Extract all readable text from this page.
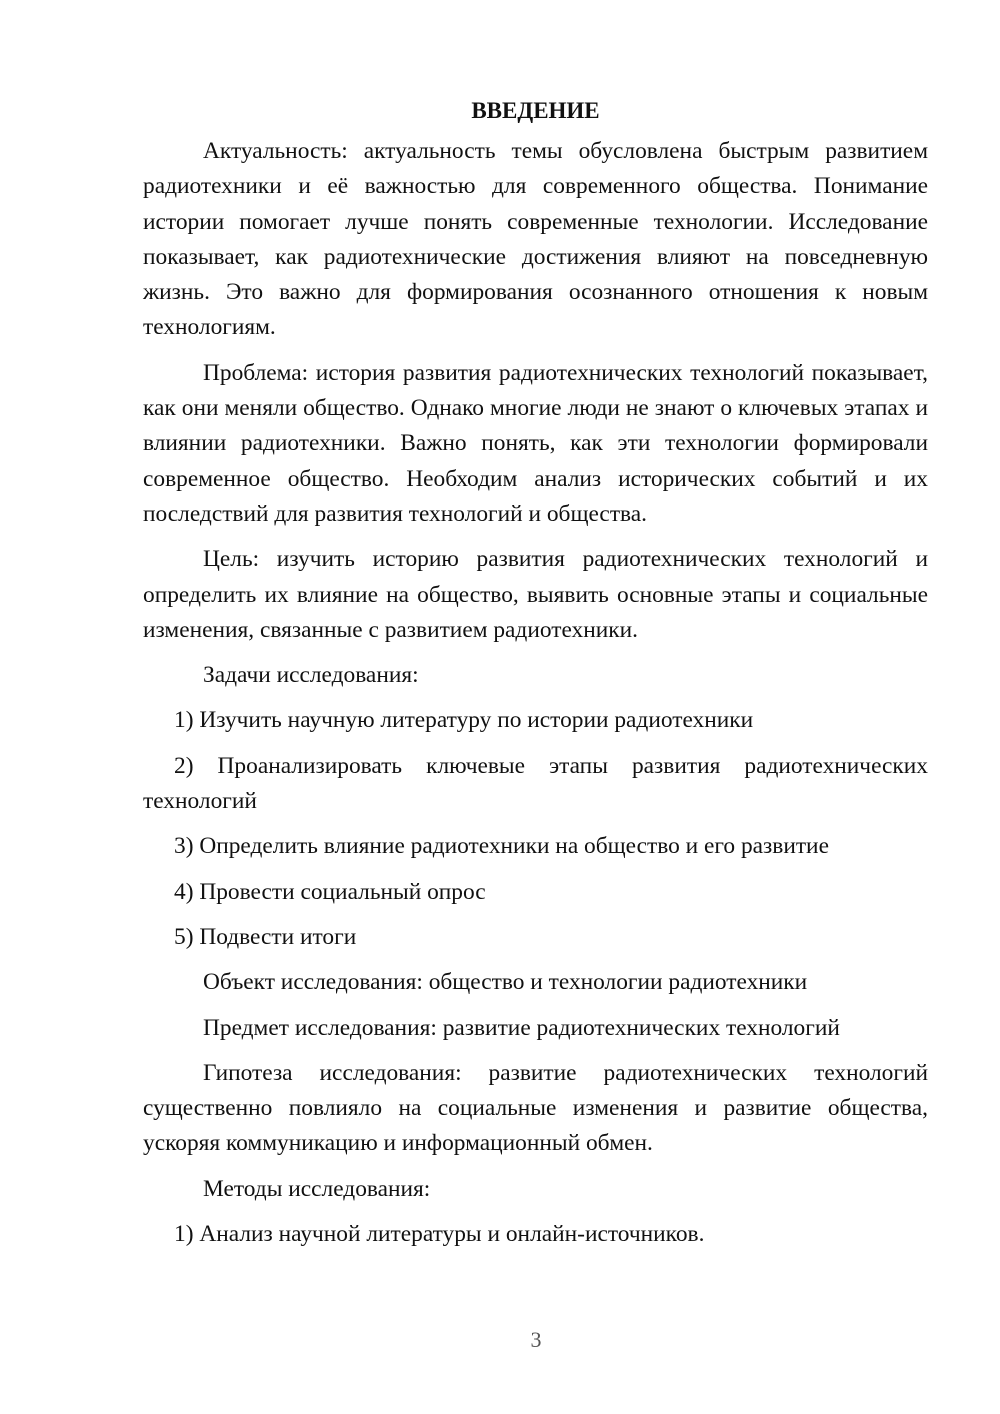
ВВЕДЕНИЕ

Актуальность: актуальность темы обусловлена быстрым развитием радиотехники и её важностью для современного общества. Понимание истории помогает лучше понять современные технологии. Исследование показывает, как радиотехнические достижения влияют на повседневную жизнь. Это важно для формирования осознанного отношения к новым технологиям.

Проблема: история развития радиотехнических технологий показывает, как они меняли общество. Однако многие люди не знают о ключевых этапах и влиянии радиотехники. Важно понять, как эти технологии формировали современное общество. Необходим анализ исторических событий и их последствий для развития технологий и общества.

Цель: изучить историю развития радиотехнических технологий и определить их влияние на общество, выявить основные этапы и социальные изменения, связанные с развитием радиотехники.

Задачи исследования:

1) Изучить научную литературу по истории радиотехники

2) Проанализировать ключевые этапы развития радиотехнических технологий

3) Определить влияние радиотехники на общество и его развитие

4) Провести социальный опрос

5) Подвести итоги

Объект исследования: общество и технологии радиотехники

Предмет исследования: развитие радиотехнических технологий

Гипотеза исследования: развитие радиотехнических технологий существенно повлияло на социальные изменения и развитие общества, ускоряя коммуникацию и информационный обмен.

Методы исследования:

1) Анализ научной литературы и онлайн-источников.

3
